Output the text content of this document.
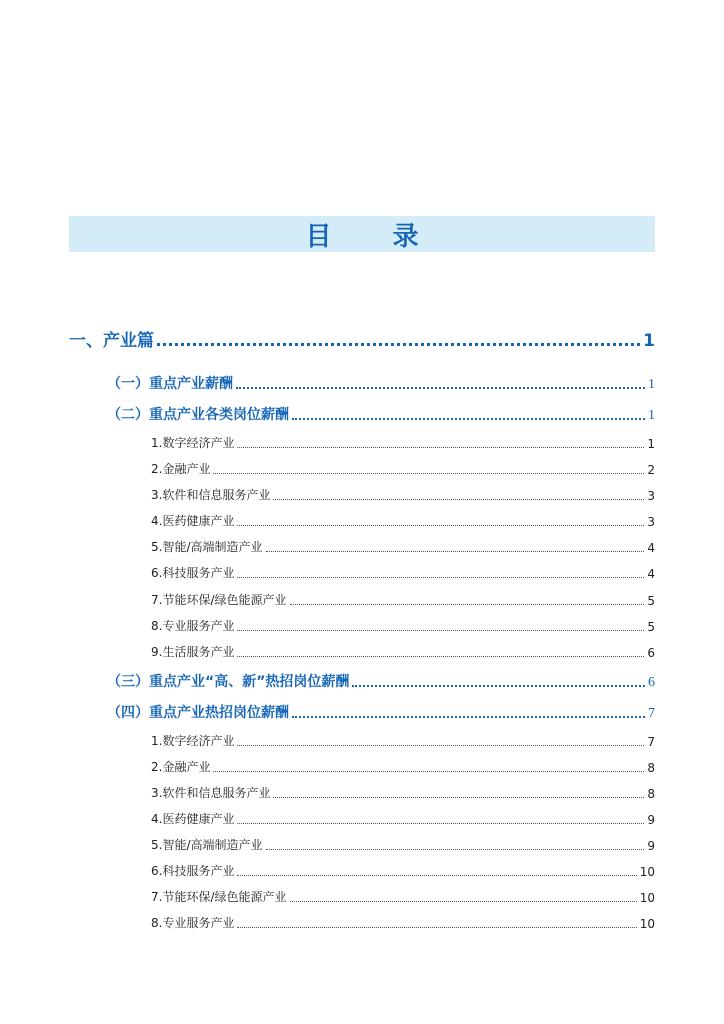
目 录
一、产业篇	1
（一）重点产业薪酬	1
（二）重点产业各类岗位薪酬	1
1.数字经济产业	1
2.金融产业	2
3.软件和信息服务产业	3
4.医药健康产业	3
5.智能/高端制造产业	4
6.科技服务产业	4
7.节能环保/绿色能源产业	5
8.专业服务产业	5
9.生活服务产业	6
（三）重点产业“高、新”热招岗位薪酬	6
（四）重点产业热招岗位薪酬	7
1.数字经济产业	7
2.金融产业	8
3.软件和信息服务产业	8
4.医药健康产业	9
5.智能/高端制造产业	9
6.科技服务产业	10
7.节能环保/绿色能源产业	10
8.专业服务产业	10
